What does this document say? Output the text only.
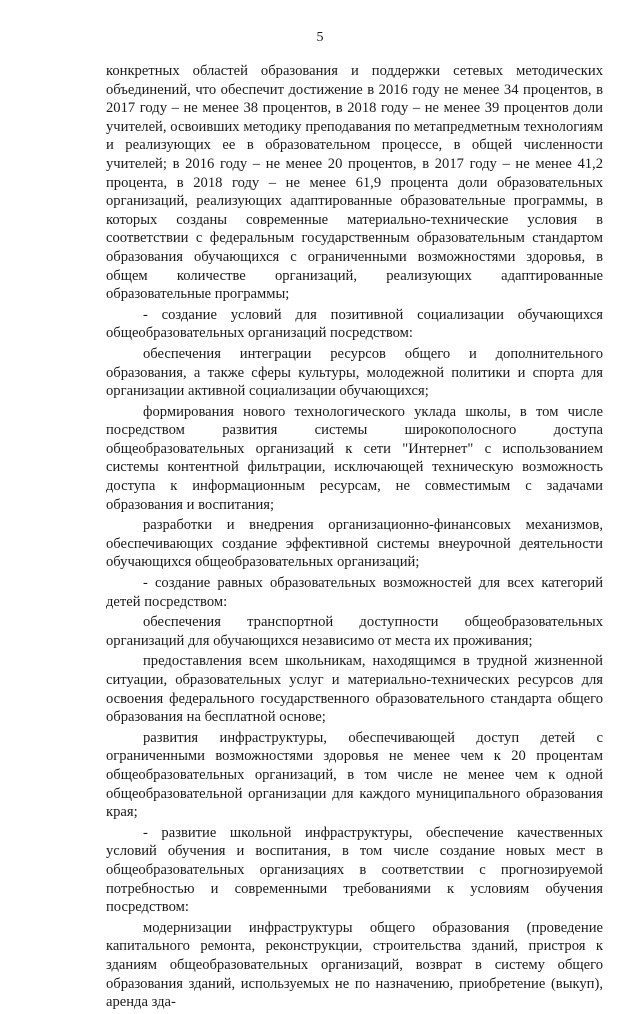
5

конкретных областей образования и поддержки сетевых методических объединений, что обеспечит достижение в 2016 году не менее 34 процентов, в 2017 году – не менее 38 процентов, в 2018 году – не менее 39 процентов доли учителей, освоивших методику преподавания по метапредметным технологиям и реализующих ее в образовательном процессе, в общей численности учителей; в 2016 году – не менее 20 процентов, в 2017 году – не менее 41,2 процента, в 2018 году – не менее 61,9 процента доли образовательных организаций, реализующих адаптированные образовательные программы, в которых созданы современные материально-технические условия в соответствии с федеральным государственным образовательным стандартом образования обучающихся с ограниченными возможностями здоровья, в общем количестве организаций, реализующих адаптированные образовательные программы;

- создание условий для позитивной социализации обучающихся общеобразовательных организаций посредством:

обеспечения интеграции ресурсов общего и дополнительного образования, а также сферы культуры, молодежной политики и спорта для организации активной социализации обучающихся;

формирования нового технологического уклада школы, в том числе посредством развития системы широкополосного доступа общеобразовательных организаций к сети "Интернет" с использованием системы контентной фильтрации, исключающей техническую возможность доступа к информационным ресурсам, не совместимым с задачами образования и воспитания;

разработки и внедрения организационно-финансовых механизмов, обеспечивающих создание эффективной системы внеурочной деятельности обучающихся общеобразовательных организаций;

- создание равных образовательных возможностей для всех категорий детей посредством:

обеспечения транспортной доступности общеобразовательных организаций для обучающихся независимо от места их проживания;

предоставления всем школьникам, находящимся в трудной жизненной ситуации, образовательных услуг и материально-технических ресурсов для освоения федерального государственного образовательного стандарта общего образования на бесплатной основе;

развития инфраструктуры, обеспечивающей доступ детей с ограниченными возможностями здоровья не менее чем к 20 процентам общеобразовательных организаций, в том числе не менее чем к одной общеобразовательной организации для каждого муниципального образования края;

- развитие школьной инфраструктуры, обеспечение качественных условий обучения и воспитания, в том числе создание новых мест в общеобразовательных организациях в соответствии с прогнозируемой потребностью и современными требованиями к условиям обучения посредством:

модернизации инфраструктуры общего образования (проведение капитального ремонта, реконструкции, строительства зданий, пристроя к зданиям общеобразовательных организаций, возврат в систему общего образования зданий, используемых не по назначению, приобретение (выкуп), аренда зда-
